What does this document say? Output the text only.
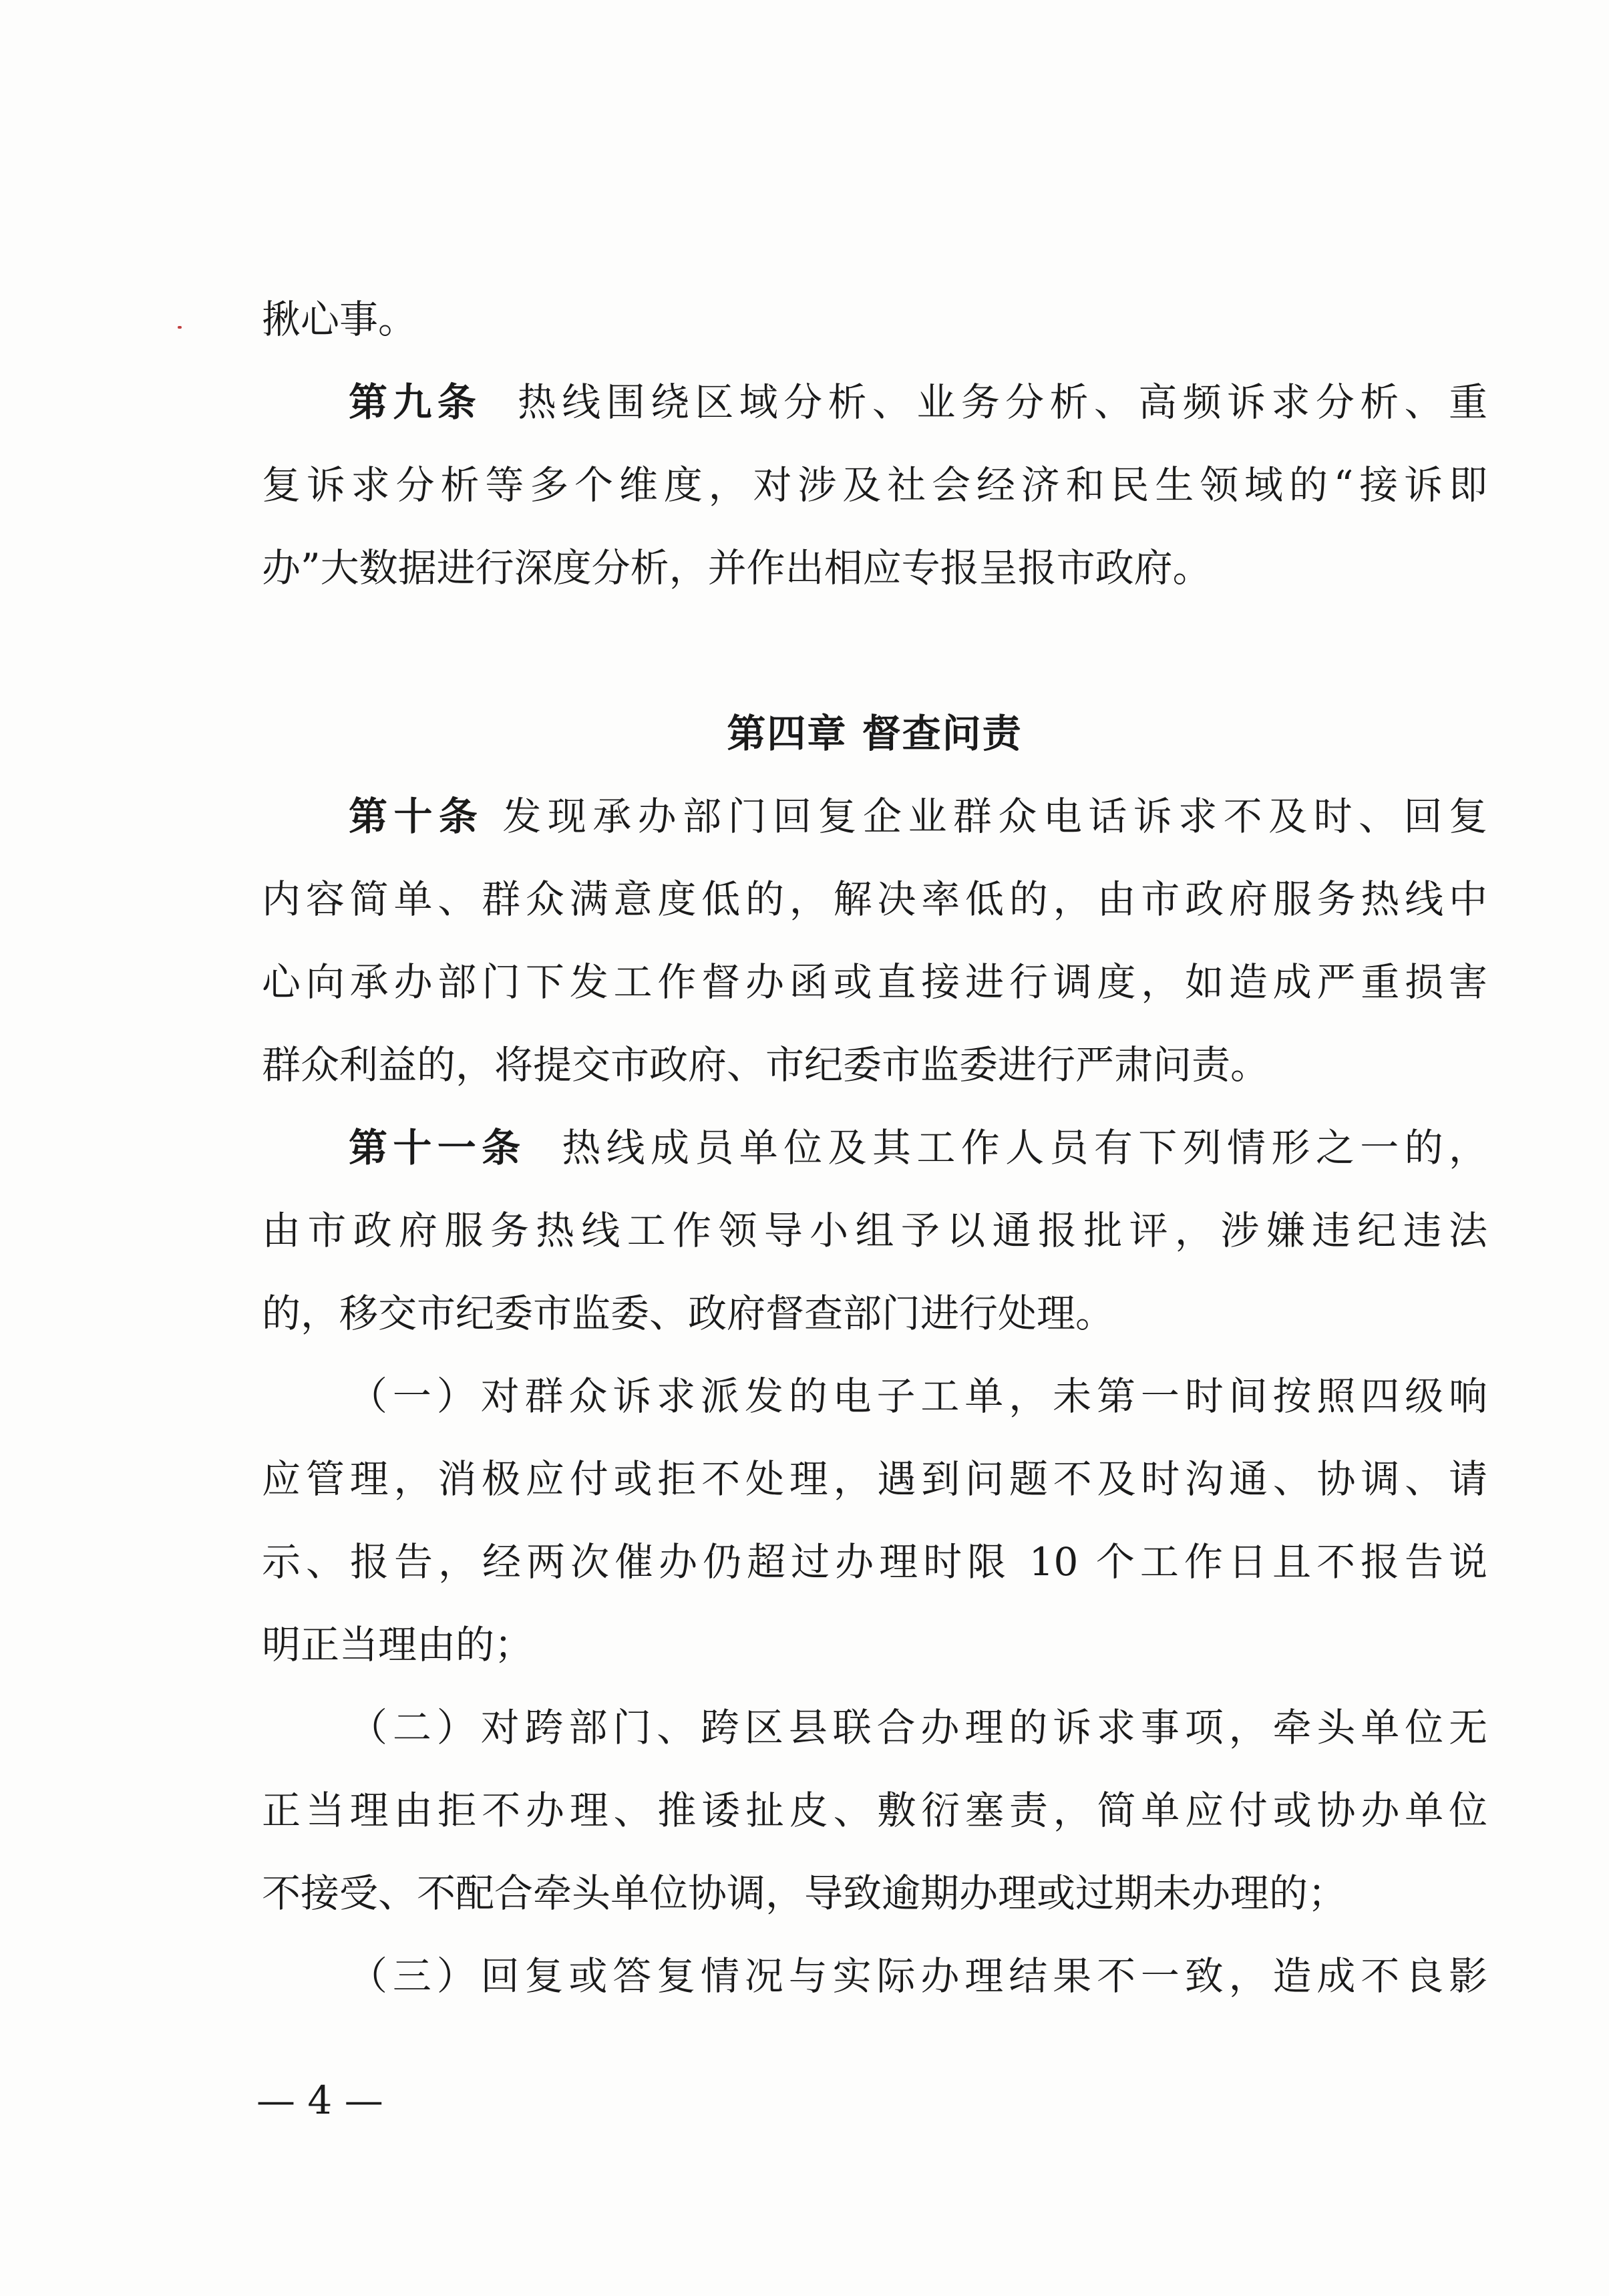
揪心事。
第九条 热线围绕区域分析、业务分析、高频诉求分析、重
复诉求分析等多个维度，对涉及社会经济和民生领域的“接诉即
办”大数据进行深度分析，并作出相应专报呈报市政府。
第四章 督查问责
第十条 发现承办部门回复企业群众电话诉求不及时、回复
内容简单、群众满意度低的，解决率低的，由市政府服务热线中
心向承办部门下发工作督办函或直接进行调度，如造成严重损害
群众利益的，将提交市政府、市纪委市监委进行严肃问责。
第十一条 热线成员单位及其工作人员有下列情形之一的，
由市政府服务热线工作领导小组予以通报批评，涉嫌违纪违法
的，移交市纪委市监委、政府督查部门进行处理。
（一）对群众诉求派发的电子工单，未第一时间按照四级响
应管理，消极应付或拒不处理，遇到问题不及时沟通、协调、请
示、报告，经两次催办仍超过办理时限 10 个工作日且不报告说
明正当理由的；
（二）对跨部门、跨区县联合办理的诉求事项，牵头单位无
正当理由拒不办理、推诿扯皮、敷衍塞责，简单应付或协办单位
不接受、不配合牵头单位协调，导致逾期办理或过期未办理的；
（三）回复或答复情况与实际办理结果不一致，造成不良影
— 4 —
